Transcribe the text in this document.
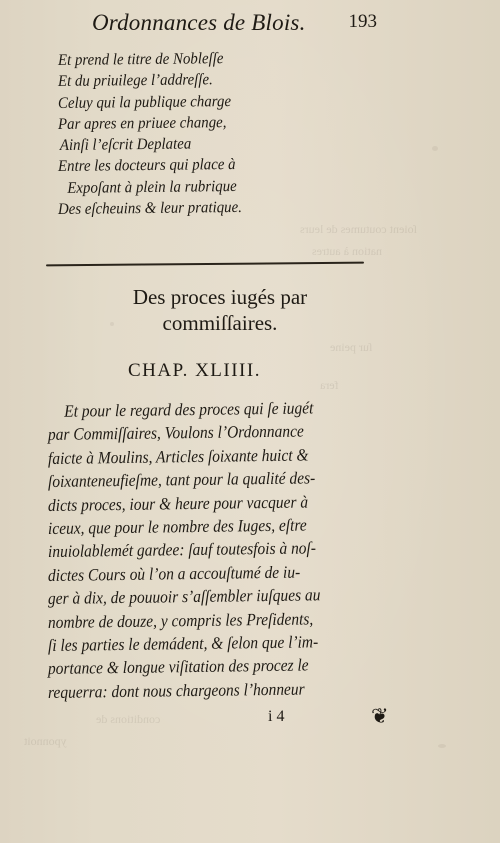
ſoient cou​tumes de leurs
nation à autres
ſur peine
fera
conditions de
yponnoit
Ordonnances de Blois. 193
Et prend le titre de Nobleſſe
Et du priuilege l’addreſſe.
Celuy qui la publique charge
Par apres en priuee change,
Ainſi l’eſcrit Deplatea
Entre les docteurs qui place à
Expoſant à plein la rubrique
Des eſcheuins & leur pratique.
Des proces iugés par
commiſſaires.
CHAP. XLIIII.
Et pour le regard des proces qui ſe iugét
par Commiſſaires, Voulons l’Ordonnance
faicte à Moulins, Articles ſoixante huict &
ſoixanteneufieſme, tant pour la qualité des-
dicts proces, iour & heure pour vacquer à
iceux, que pour le nombre des Iuges, eſtre
inuiolablemét gardee: ſauf toutesfois à noſ-
dictes Cours où l’on a accouſtumé de iu-
ger à dix, de pouuoir s’aſſembler iuſques au
nombre de douze, y compris les Preſidents,
ſi les parties le demádent, & ſelon que l’im-
portance & longue viſitation des procez le
requerra: dont nous chargeons l’honneur
i 4	❦
